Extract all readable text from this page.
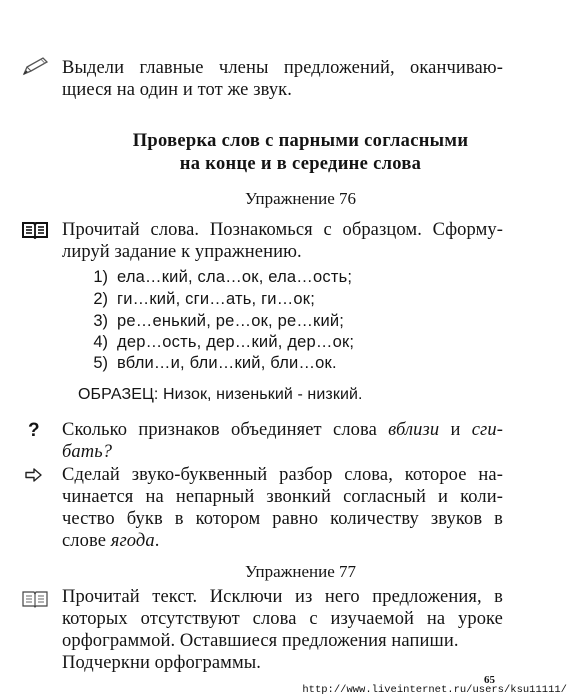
Выдели главные члены предложений, оканчиваю-
щиеся на один и тот же звук.
Проверка слов с парными согласными
на конце и в середине слова
Упражнение 76
Прочитай слова. Познакомься с образцом. Сформу-
лируй задание к упражнению.
1) ела…кий, сла…ок, ела…ость;
2) ги…кий, сги…ать, ги…ок;
3) ре…енький, ре…ок, ре…кий;
4) дер…ость, дер…кий, дер…ок;
5) вбли…и, бли…кий, бли…ок.
ОБРАЗЕЦ: Низок, низенький - низкий.
? Сколько признаков объединяет слова вблизи и сги-
бать?
Сделай звуко-буквенный разбор слова, которое на-
чинается на непарный звонкий согласный и коли-
чество букв в котором равно количеству звуков в
слове ягода.
Упражнение 77
Прочитай текст. Исключи из него предложения, в
которых отсутствуют слова с изучаемой на уроке
орфограммой. Оставшиеся предложения напиши.
Подчеркни орфограммы.
65
http://www.liveinternet.ru/users/ksu11111/
